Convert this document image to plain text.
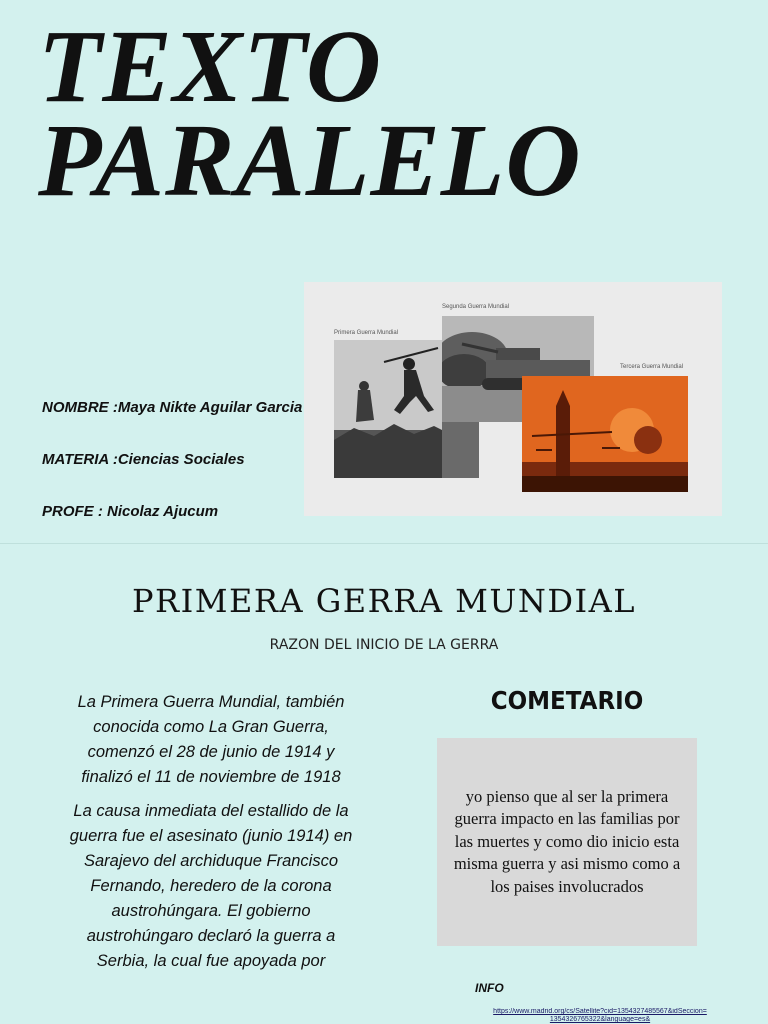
TEXTO
PARALELO
Primera Guerra Mundial
Segunda Guerra Mundial
Tercera Guerra Mundial

NOMBRE :Maya Nikte Aguilar Garcia

MATERIA :Ciencias Sociales

PROFE : Nicolaz Ajucum

PRIMERA GERRA MUNDIAL
RAZON DEL INICIO DE LA GERRA

La Primera Guerra Mundial, también conocida como La Gran Guerra, comenzó el 28 de junio de 1914 y finalizó el 11 de noviembre de 1918

La causa inmediata del estallido de la guerra fue el asesinato (junio 1914) en Sarajevo del archiduque Francisco Fernando, heredero de la corona austrohúngara. El gobierno austrohúngaro declaró la guerra a Serbia, la cual fue apoyada por

COMETARIO

yo pienso que al ser la primera guerra impacto en las familias por las muertes y como dio inicio esta misma guerra y asi mismo como a los paises involucrados

INFO
https://www.madrid.org/cs/Satellite?cid=1354327485567&idSeccion=1354326765322&language=es&
